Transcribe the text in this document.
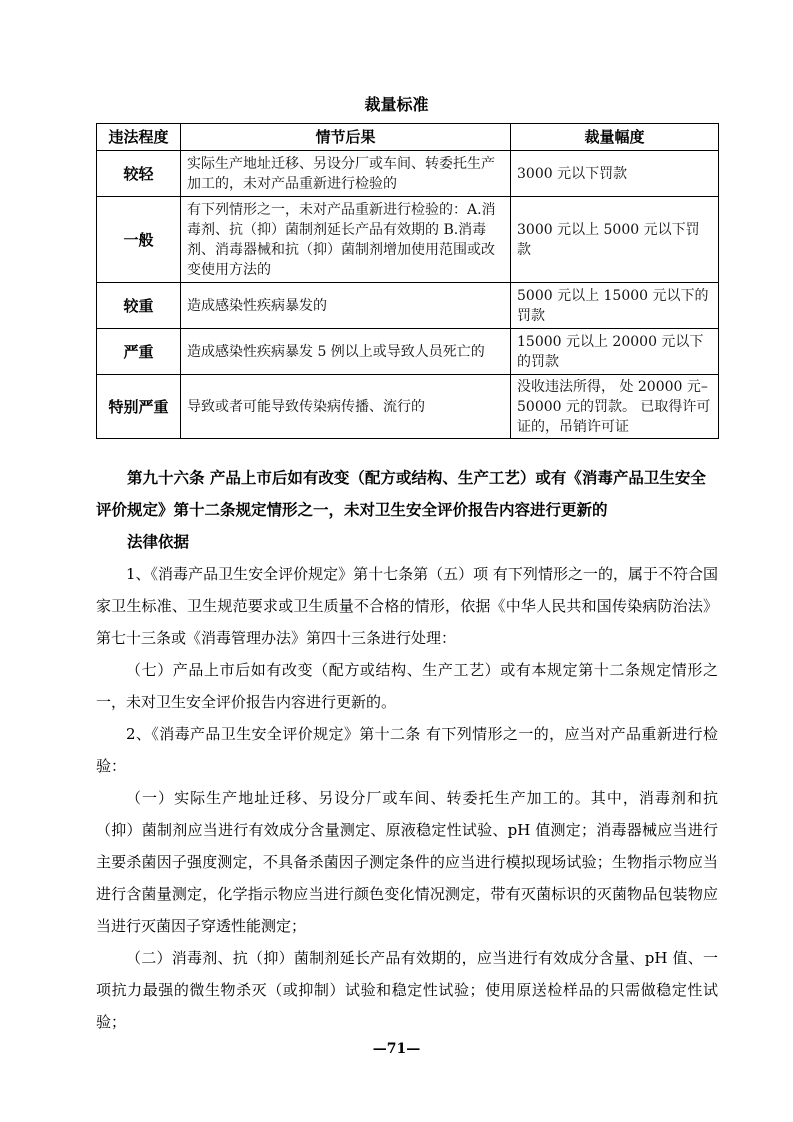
裁量标准
违法程度	情节后果	裁量幅度
较轻	实际生产地址迁移、另设分厂或车间、转委托生产加工的，未对产品重新进行检验的	3000 元以下罚款
一般	有下列情形之一，未对产品重新进行检验的：A.消毒剂、抗（抑）菌制剂延长产品有效期的 B.消毒剂、消毒器械和抗（抑）菌制剂增加使用范围或改变使用方法的	3000 元以上 5000 元以下罚款
较重	造成感染性疾病暴发的	5000 元以上 15000 元以下的罚款
严重	造成感染性疾病暴发 5 例以上或导致人员死亡的	15000 元以上 20000 元以下的罚款
特别严重	导致或者可能导致传染病传播、流行的	没收违法所得， 处 20000 元–50000 元的罚款。 已取得许可证的，吊销许可证

第九十六条 产品上市后如有改变（配方或结构、生产工艺）或有《消毒产品卫生安全评价规定》第十二条规定情形之一，未对卫生安全评价报告内容进行更新的

法律依据

1、《消毒产品卫生安全评价规定》第十七条第（五）项 有下列情形之一的，属于不符合国家卫生标准、卫生规范要求或卫生质量不合格的情形，依据《中华人民共和国传染病防治法》第七十三条或《消毒管理办法》第四十三条进行处理：

（七）产品上市后如有改变（配方或结构、生产工艺）或有本规定第十二条规定情形之一，未对卫生安全评价报告内容进行更新的。

2、《消毒产品卫生安全评价规定》第十二条 有下列情形之一的，应当对产品重新进行检验：

（一）实际生产地址迁移、另设分厂或车间、转委托生产加工的。其中，消毒剂和抗（抑）菌制剂应当进行有效成分含量测定、原液稳定性试验、pH 值测定；消毒器械应当进行主要杀菌因子强度测定，不具备杀菌因子测定条件的应当进行模拟现场试验；生物指示物应当进行含菌量测定，化学指示物应当进行颜色变化情况测定，带有灭菌标识的灭菌物品包装物应当进行灭菌因子穿透性能测定；

（二）消毒剂、抗（抑）菌制剂延长产品有效期的，应当进行有效成分含量、pH 值、一项抗力最强的微生物杀灭（或抑制）试验和稳定性试验；使用原送检样品的只需做稳定性试验；

—71—
